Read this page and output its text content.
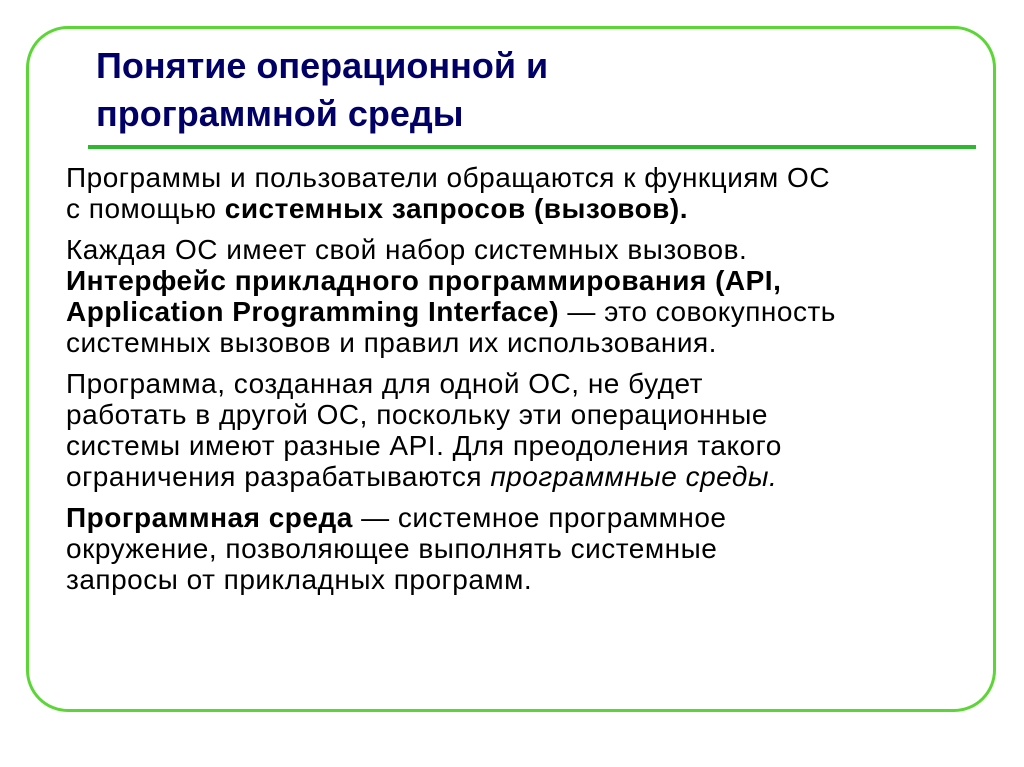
Понятие операционной и
программной среды

Программы и пользователи обращаются к функциям ОС
с помощью системных запросов (вызовов).

Каждая ОС имеет свой набор системных вызовов.
Интерфейс прикладного программирования (API,
Application Programming Interface) — это совокупность
системных вызовов и правил их использования.

Программа, созданная для одной ОС, не будет
работать в другой ОС, поскольку эти операционные
системы имеют разные API. Для преодоления такого
ограничения разрабатываются программные среды.

Программная среда — системное программное
окружение, позволяющее выполнять системные
запросы от прикладных программ.
